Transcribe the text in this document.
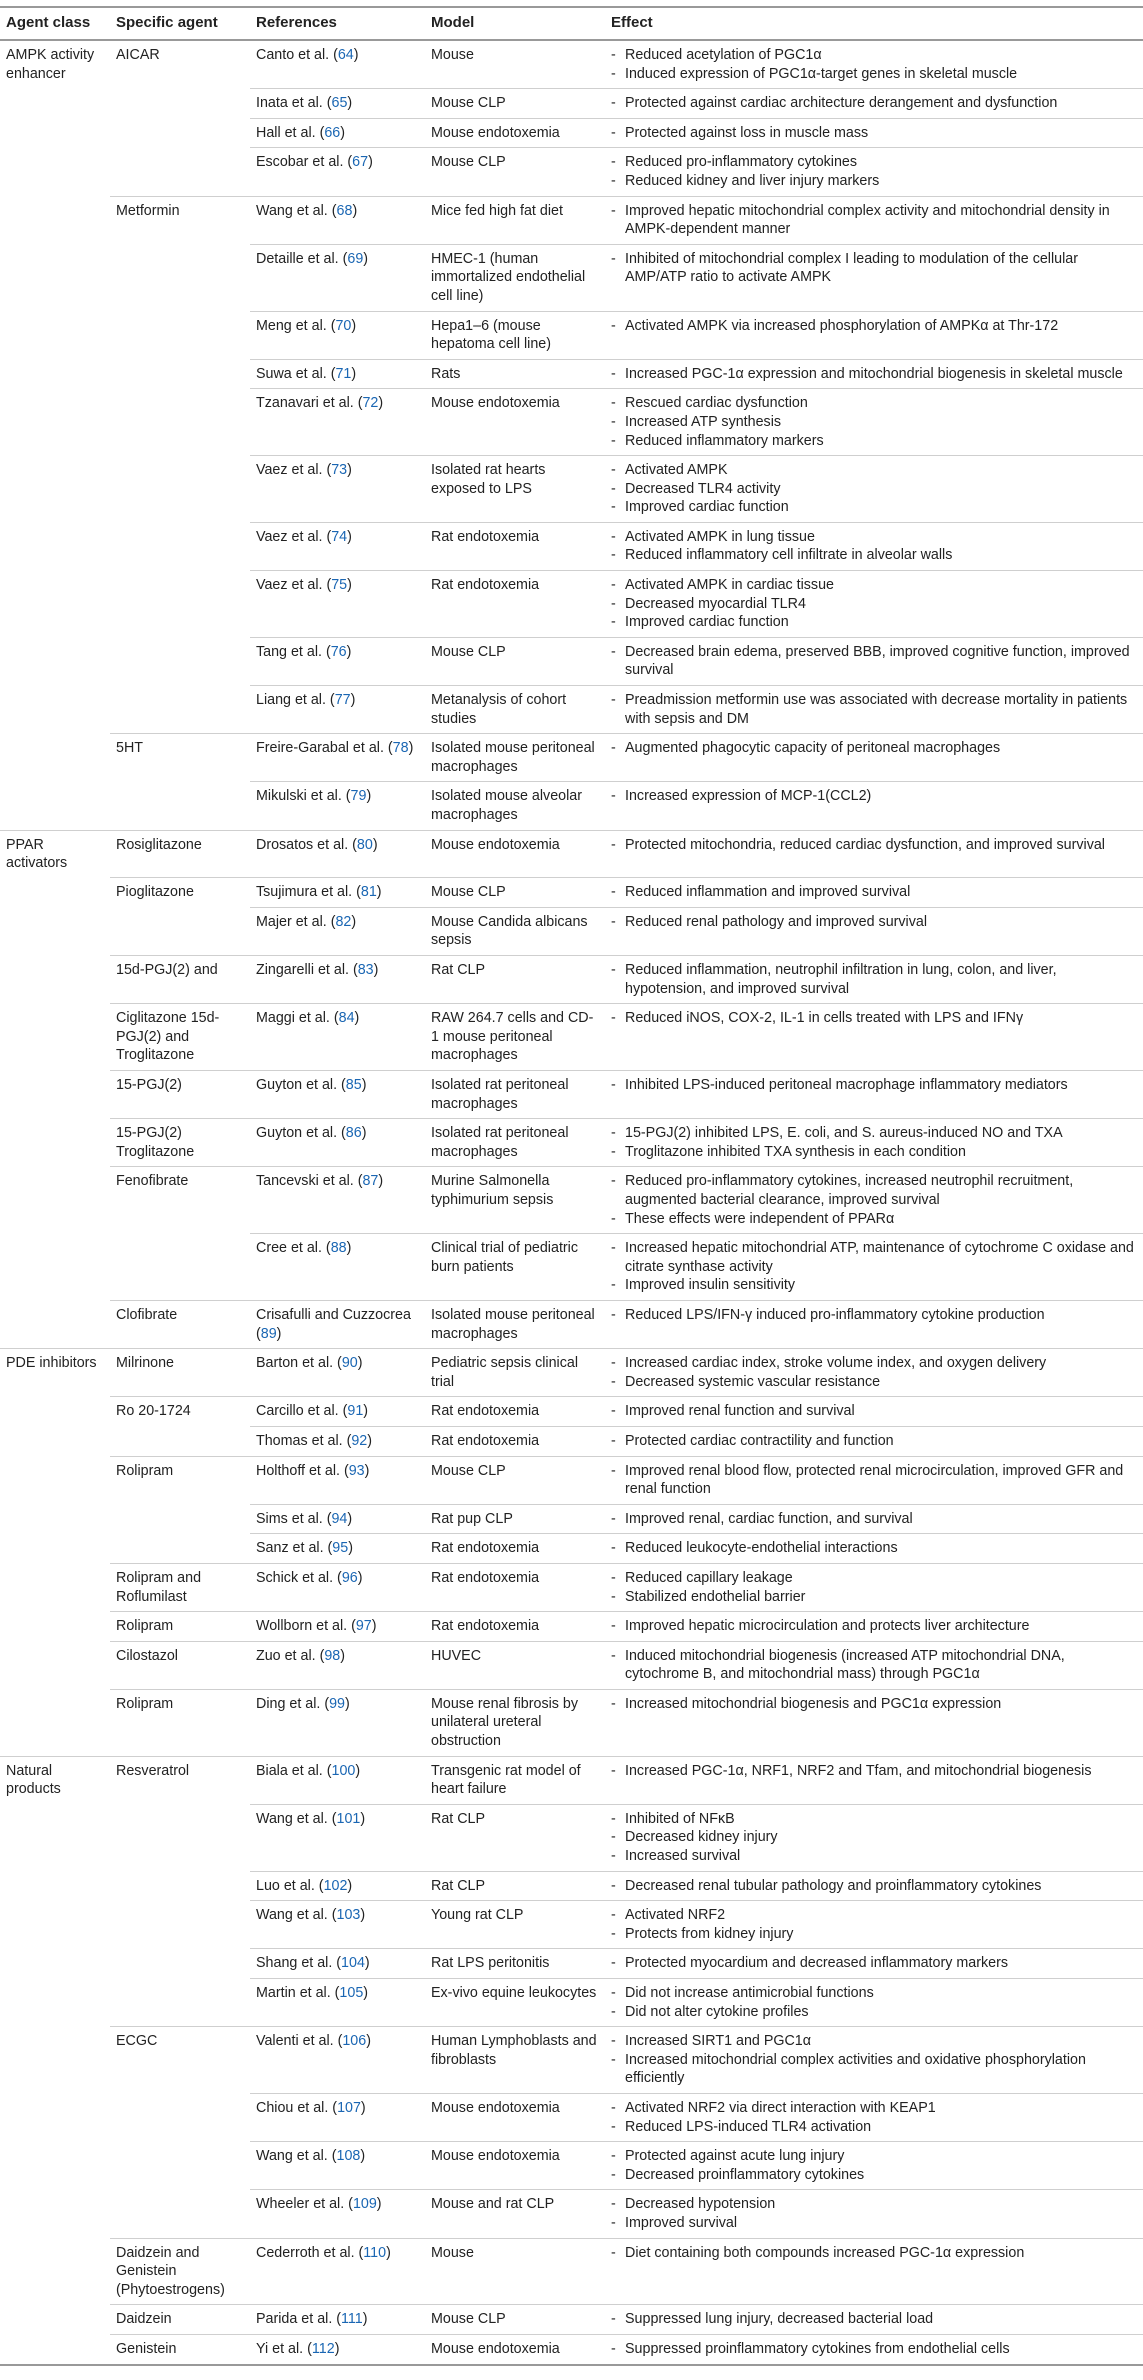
Agent class	Specific agent	References	Model	Effect
AMPK activity enhancer	AICAR	Canto et al. (64)	Mouse	- Reduced acetylation of PGC1α
- Induced expression of PGC1α-target genes in skeletal muscle

		Inata et al. (65)	Mouse CLP	- Protected against cardiac architecture derangement and dysfunction

		Hall et al. (66)	Mouse endotoxemia	- Protected against loss in muscle mass

		Escobar et al. (67)	Mouse CLP	- Reduced pro-inflammatory cytokines
- Reduced kidney and liver injury markers

	Metformin	Wang et al. (68)	Mice fed high fat diet	- Improved hepatic mitochondrial complex activity and mitochondrial density in AMPK-dependent manner

		Detaille et al. (69)	HMEC-1 (human immortalized endothelial cell line)	- Inhibited of mitochondrial complex I leading to modulation of the cellular AMP/ATP ratio to activate AMPK

		Meng et al. (70)	Hepa1–6 (mouse hepatoma cell line)	- Activated AMPK via increased phosphorylation of AMPKα at Thr-172

		Suwa et al. (71)	Rats	- Increased PGC-1α expression and mitochondrial biogenesis in skeletal muscle

		Tzanavari et al. (72)	Mouse endotoxemia	- Rescued cardiac dysfunction
- Increased ATP synthesis
- Reduced inflammatory markers

		Vaez et al. (73)	Isolated rat hearts exposed to LPS	- Activated AMPK
- Decreased TLR4 activity
- Improved cardiac function

		Vaez et al. (74)	Rat endotoxemia	- Activated AMPK in lung tissue
- Reduced inflammatory cell infiltrate in alveolar walls

		Vaez et al. (75)	Rat endotoxemia	- Activated AMPK in cardiac tissue
- Decreased myocardial TLR4
- Improved cardiac function

		Tang et al. (76)	Mouse CLP	- Decreased brain edema, preserved BBB, improved cognitive function, improved survival

		Liang et al. (77)	Metanalysis of cohort studies	- Preadmission metformin use was associated with decrease mortality in patients with sepsis and DM

	5HT	Freire-Garabal et al. (78)	Isolated mouse peritoneal macrophages	- Augmented phagocytic capacity of peritoneal macrophages

		Mikulski et al. (79)	Isolated mouse alveolar macrophages	- Increased expression of MCP-1(CCL2)

PPAR activators	Rosiglitazone	Drosatos et al. (80)	Mouse endotoxemia	- Protected mitochondria, reduced cardiac dysfunction, and improved survival

	Pioglitazone	Tsujimura et al. (81)	Mouse CLP	- Reduced inflammation and improved survival

		Majer et al. (82)	Mouse Candida albicans sepsis	- Reduced renal pathology and improved survival

	15d-PGJ(2) and	Zingarelli et al. (83)	Rat CLP	- Reduced inflammation, neutrophil infiltration in lung, colon, and liver, hypotension, and improved survival

	Ciglitazone 15d-PGJ(2) and Troglitazone	Maggi et al. (84)	RAW 264.7 cells and CD-1 mouse peritoneal macrophages	- Reduced iNOS, COX-2, IL-1 in cells treated with LPS and IFNγ

	15-PGJ(2)	Guyton et al. (85)	Isolated rat peritoneal macrophages	- Inhibited LPS-induced peritoneal macrophage inflammatory mediators

	15-PGJ(2) Troglitazone	Guyton et al. (86)	Isolated rat peritoneal macrophages	- 15-PGJ(2) inhibited LPS, E. coli, and S. aureus-induced NO and TXA
- Troglitazone inhibited TXA synthesis in each condition

	Fenofibrate	Tancevski et al. (87)	Murine Salmonella typhimurium sepsis	- Reduced pro-inflammatory cytokines, increased neutrophil recruitment, augmented bacterial clearance, improved survival
- These effects were independent of PPARα

		Cree et al. (88)	Clinical trial of pediatric burn patients	- Increased hepatic mitochondrial ATP, maintenance of cytochrome C oxidase and citrate synthase activity
- Improved insulin sensitivity

	Clofibrate	Crisafulli and Cuzzocrea (89)	Isolated mouse peritoneal macrophages	- Reduced LPS/IFN-γ induced pro-inflammatory cytokine production

PDE inhibitors	Milrinone	Barton et al. (90)	Pediatric sepsis clinical trial	- Increased cardiac index, stroke volume index, and oxygen delivery
- Decreased systemic vascular resistance

	Ro 20-1724	Carcillo et al. (91)	Rat endotoxemia	- Improved renal function and survival

		Thomas et al. (92)	Rat endotoxemia	- Protected cardiac contractility and function

	Rolipram	Holthoff et al. (93)	Mouse CLP	- Improved renal blood flow, protected renal microcirculation, improved GFR and renal function

		Sims et al. (94)	Rat pup CLP	- Improved renal, cardiac function, and survival

		Sanz et al. (95)	Rat endotoxemia	- Reduced leukocyte-endothelial interactions

	Rolipram and Roflumilast	Schick et al. (96)	Rat endotoxemia	- Reduced capillary leakage
- Stabilized endothelial barrier

	Rolipram	Wollborn et al. (97)	Rat endotoxemia	- Improved hepatic microcirculation and protects liver architecture

	Cilostazol	Zuo et al. (98)	HUVEC	- Induced mitochondrial biogenesis (increased ATP mitochondrial DNA, cytochrome B, and mitochondrial mass) through PGC1α

	Rolipram	Ding et al. (99)	Mouse renal fibrosis by unilateral ureteral obstruction	- Increased mitochondrial biogenesis and PGC1α expression

Natural products	Resveratrol	Biala et al. (100)	Transgenic rat model of heart failure	- Increased PGC-1α, NRF1, NRF2 and Tfam, and mitochondrial biogenesis

		Wang et al. (101)	Rat CLP	- Inhibited of NFκB
- Decreased kidney injury
- Increased survival

		Luo et al. (102)	Rat CLP	- Decreased renal tubular pathology and proinflammatory cytokines

		Wang et al. (103)	Young rat CLP	- Activated NRF2
- Protects from kidney injury

		Shang et al. (104)	Rat LPS peritonitis	- Protected myocardium and decreased inflammatory markers

		Martin et al. (105)	Ex-vivo equine leukocytes	- Did not increase antimicrobial functions
- Did not alter cytokine profiles

	ECGC	Valenti et al. (106)	Human Lymphoblasts and fibroblasts	- Increased SIRT1 and PGC1α
- Increased mitochondrial complex activities and oxidative phosphorylation efficiently

		Chiou et al. (107)	Mouse endotoxemia	- Activated NRF2 via direct interaction with KEAP1
- Reduced LPS-induced TLR4 activation

		Wang et al. (108)	Mouse endotoxemia	- Protected against acute lung injury
- Decreased proinflammatory cytokines

		Wheeler et al. (109)	Mouse and rat CLP	- Decreased hypotension
- Improved survival

	Daidzein and Genistein (Phytoestrogens)	Cederroth et al. (110)	Mouse	- Diet containing both compounds increased PGC-1α expression

	Daidzein	Parida et al. (111)	Mouse CLP	- Suppressed lung injury, decreased bacterial load

	Genistein	Yi et al. (112)	Mouse endotoxemia	- Suppressed proinflammatory cytokines from endothelial cells
